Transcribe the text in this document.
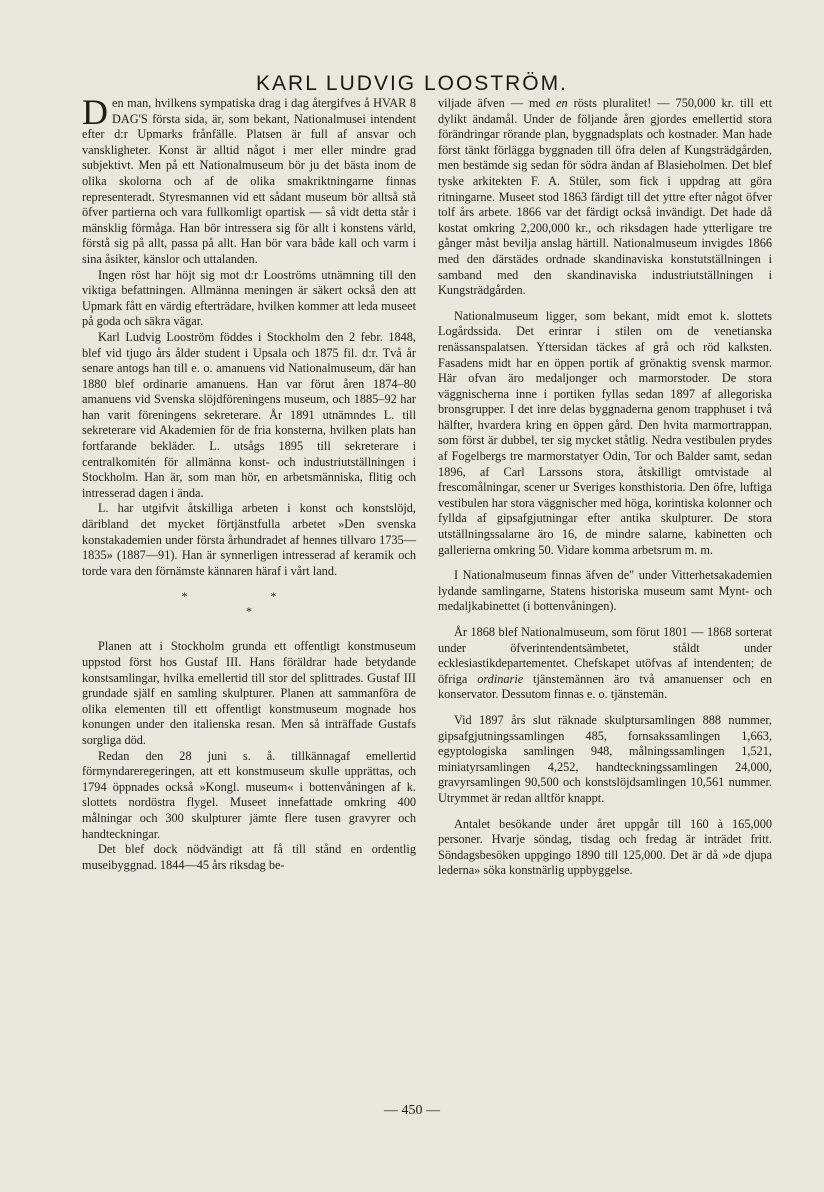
KARL LUDVIG LOOSTRÖM.

Den man, hvilkens sympatiska drag i dag återgifves å HVAR 8 DAG'S första sida, är, som bekant, Nationalmusei intendent efter d:r Upmarks frånfälle. Platsen är full af ansvar och vanskligheter. Konst är alltid något i mer eller mindre grad subjektivt. Men på ett Nationalmuseum bör ju det bästa inom de olika skolorna och af de olika smakriktningarne finnas representeradt. Styresmannen vid ett sådant museum bör alltså stå öfver partierna och vara fullkomligt opartisk — så vidt detta står i mänsklig förmåga. Han bör intressera sig för allt i konstens värld, förstå sig på allt, passa på allt. Han bör vara både kall och varm i sina åsikter, känslor och uttalanden.

Ingen röst har höjt sig mot d:r Looströms utnämning till den viktiga befattningen. Allmänna meningen är säkert också den att Upmark fått en värdig efterträdare, hvilken kommer att leda museet på goda och säkra vägar.

Karl Ludvig Looström föddes i Stockholm den 2 febr. 1848, blef vid tjugo års ålder student i Upsala och 1875 fil. d:r. Två år senare antogs han till e. o. amanuens vid Nationalmuseum, där han 1880 blef ordinarie amanuens. Han var förut åren 1874–80 amanuens vid Svenska slöjdföreningens museum, och 1885–92 har han varit föreningens sekreterare. År 1891 utnämndes L. till sekreterare vid Akademien för de fria konsterna, hvilken plats han fortfarande bekläder. L. utsågs 1895 till sekreterare i centralkomitén för allmänna konst- och industriutställningen i Stockholm. Han är, som man hör, en arbetsmänniska, flitig och intresserad dagen i ända.

L. har utgifvit åtskilliga arbeten i konst och konstslöjd, däribland det mycket förtjänstfulla arbetet »Den svenska konstakademien under första århundradet af hennes tillvaro 1735—1835» (1887—91). Han är synnerligen intresserad af keramik och torde vara den förnämste kännaren häraf i vårt land.

* *
*

Planen att i Stockholm grunda ett offentligt konstmuseum uppstod först hos Gustaf III. Hans föräldrar hade betydande konstsamlingar, hvilka emellertid till stor del splittrades. Gustaf III grundade själf en samling skulpturer. Planen att sammanföra de olika elementen till ett offentligt konstmuseum mognade hos konungen under den italienska resan. Men så inträffade Gustafs sorgliga död.

Redan den 28 juni s. å. tillkännagaf emellertid förmyndareregeringen, att ett konstmuseum skulle upprättas, och 1794 öppnades också »Kongl. museum« i bottenvåningen af k. slottets nordöstra flygel. Museet innefattade omkring 400 målningar och 300 skulpturer jämte flere tusen gravyrer och handteckningar.

Det blef dock nödvändigt att få till stånd en ordentlig museibyggnad. 1844—45 års riksdag be-

viljade äfven — med en rösts pluralitet! — 750,000 kr. till ett dylikt ändamål. Under de följande åren gjordes emellertid stora förändringar rörande plan, byggnadsplats och kostnader. Man hade först tänkt förlägga byggnaden till öfra delen af Kungsträdgården, men bestämde sig sedan för södra ändan af Blasieholmen. Det blef tyske arkitekten F. A. Stüler, som fick i uppdrag att göra ritningarne. Museet stod 1863 färdigt till det yttre efter något öfver tolf års arbete. 1866 var det färdigt också invändigt. Det hade då kostat omkring 2,200,000 kr., och riksdagen hade ytterligare tre gånger måst bevilja anslag härtill. Nationalmuseum invigdes 1866 med den därstädes ordnade skandinaviska konstutställningen i samband med den skandinaviska industriutställningen i Kungsträdgården.

Nationalmuseum ligger, som bekant, midt emot k. slottets Logårdssida. Det erinrar i stilen om de venetianska renässanspalatsen. Yttersidan täckes af grå och röd kalksten. Fasadens midt har en öppen portik af grönaktig svensk marmor. Här ofvan äro medaljonger och marmorstoder. De stora väggnischerna inne i portiken fyllas sedan 1897 af allegoriska bronsgrupper. I det inre delas byggnaderna genom trapphuset i två hälfter, hvardera kring en öppen gård. Den hvita marmortrappan, som först är dubbel, ter sig mycket ståtlig. Nedra vestibulen prydes af Fogelbergs tre marmorstatyer Odin, Tor och Balder samt, sedan 1896, af Carl Larssons stora, åtskilligt omtvistade al frescomålningar, scener ur Sveriges konsthistoria. Den öfre, luftiga vestibulen har stora väggnischer med höga, korintiska kolonner och fyllda af gipsafgjutningar efter antika skulpturer. De stora utställningssalarne äro 16, de mindre salarne, kabinetten och gallerierna omkring 50. Vidare komma arbetsrum m. m.

I Nationalmuseum finnas äfven de" under Vitterhetsakademien lydande samlingarne, Statens historiska museum samt Mynt- och medaljkabinettet (i bottenvåningen).

År 1868 blef Nationalmuseum, som förut 1801 — 1868 sorterat under öfverintendentsämbetet, ståldt under ecklesiastikdepartementet. Chefskapet utöfvas af intendenten; de öfriga ordinarie tjänstemännen äro två amanuenser och en konservator. Dessutom finnas e. o. tjänstemän.

Vid 1897 års slut räknade skulptursamlingen 888 nummer, gipsafgjutningssamlingen 485, fornsakssamlingen 1,663, egyptologiska samlingen 948, målningssamlingen 1,521, miniatyrsamlingen 4,252, handteckningssamlingen 24,000, gravyrsamlingen 90,500 och konstslöjdsamlingen 10,561 nummer. Utrymmet är redan alltför knappt.

Antalet besökande under året uppgår till 160 à 165,000 personer. Hvarje söndag, tisdag och fredag är inträdet fritt. Söndagsbesöken uppgingo 1890 till 125,000. Det är då »de djupa lederna» söka konstnärlig uppbyggelse.

— 450 —
